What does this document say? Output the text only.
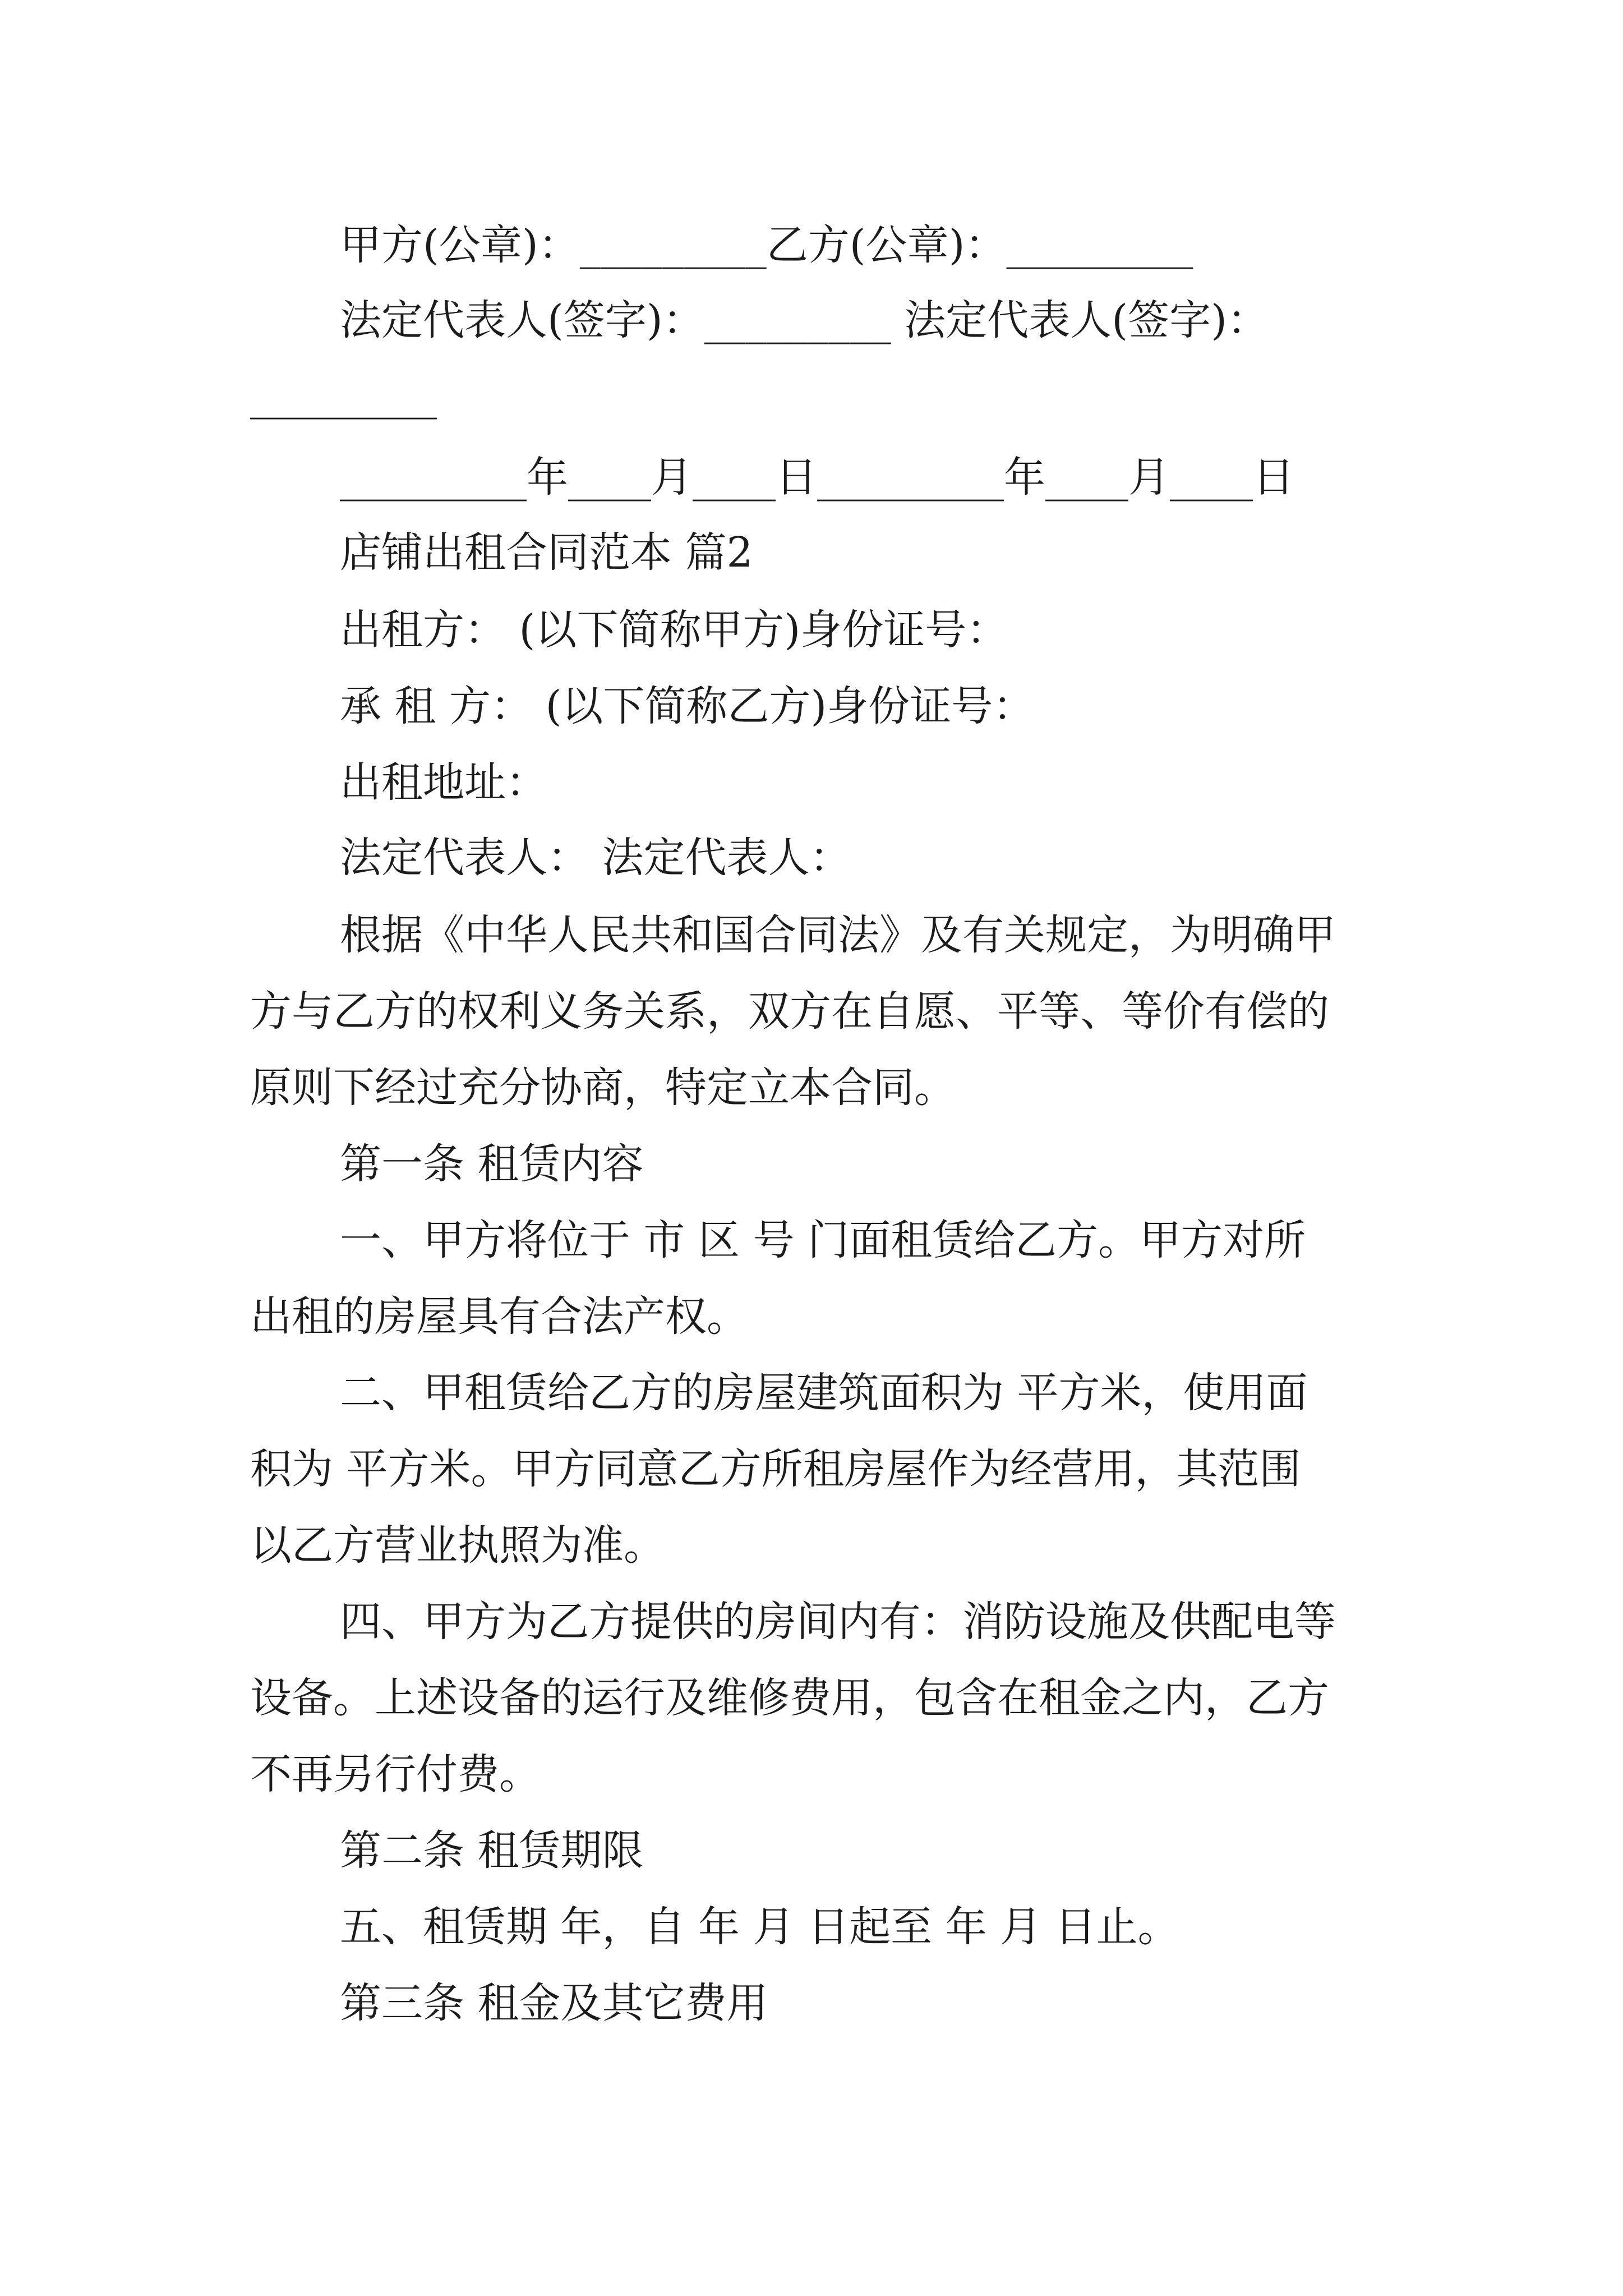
甲方(公章)：_________乙方(公章)：_________
法定代表人(签字)：_________ 法定代表人(签字)：
_________
_________年____月____日_________年____月____日
店铺出租合同范本 篇2
出租方： (以下简称甲方)身份证号：
承 租 方： (以下简称乙方)身份证号：
出租地址：
法定代表人： 法定代表人：
根据《中华人民共和国合同法》及有关规定，为明确甲
方与乙方的权利义务关系，双方在自愿、平等、等价有偿的
原则下经过充分协商，特定立本合同。
第一条 租赁内容
一、甲方将位于 市 区 号 门面租赁给乙方。甲方对所
出租的房屋具有合法产权。
二、甲租赁给乙方的房屋建筑面积为 平方米，使用面
积为 平方米。甲方同意乙方所租房屋作为经营用，其范围
以乙方营业执照为准。
四、甲方为乙方提供的房间内有：消防设施及供配电等
设备。上述设备的运行及维修费用，包含在租金之内，乙方
不再另行付费。
第二条 租赁期限
五、租赁期 年，自 年 月 日起至 年 月 日止。
第三条 租金及其它费用
